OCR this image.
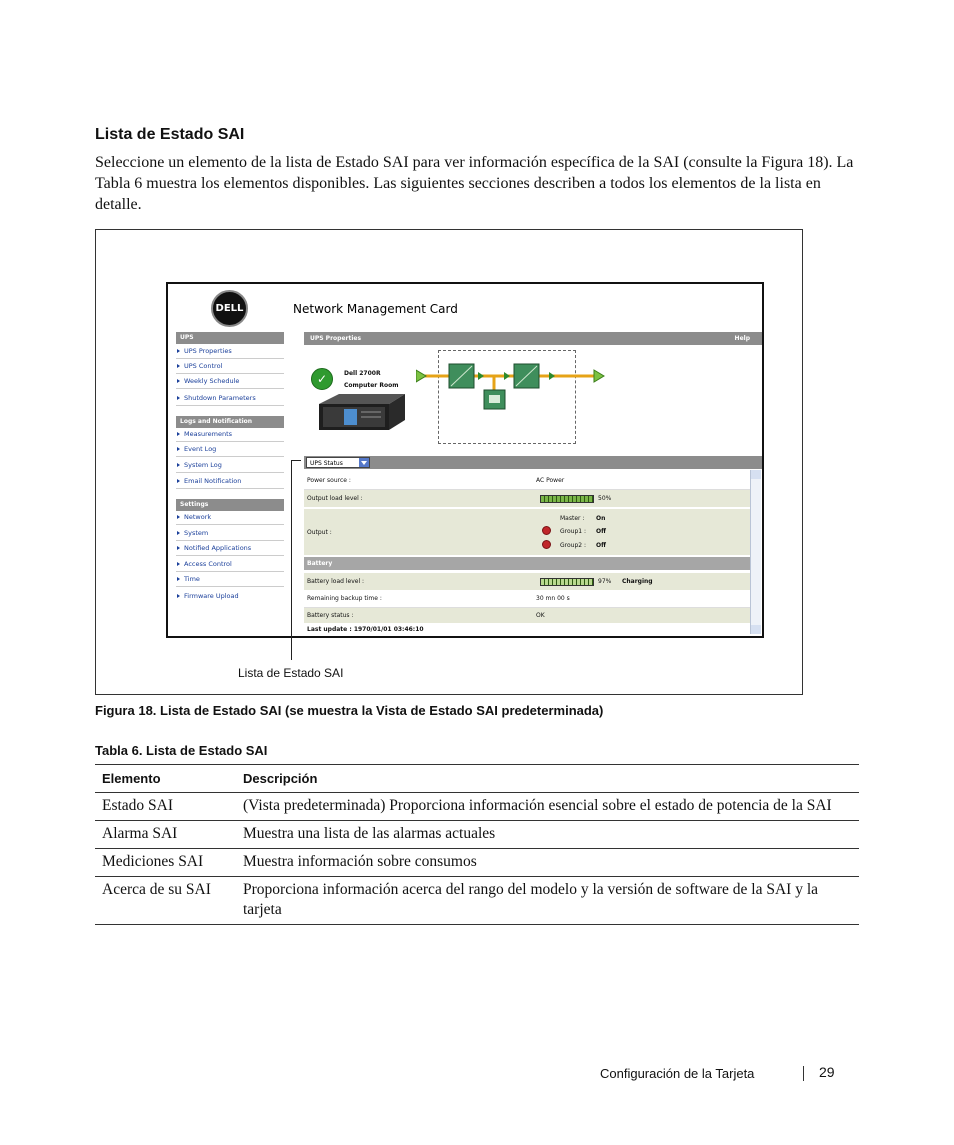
Lista de Estado SAI
Seleccione un elemento de la lista de Estado SAI para ver información específica de la SAI (consulte la Figura 18). La Tabla 6 muestra los elementos disponibles. Las siguientes secciones describen a todos los elementos de la lista en detalle.
DELL	Network Management Card
UPS
UPS Properties
UPS Control
Weekly Schedule
Shutdown Parameters
Logs and Notification
Measurements
Event Log
System Log
Email Notification
Settings
Network
System
Notified Applications
Access Control
Time
Firmware Upload
UPS Properties	Help
✓	Dell 2700R
Computer Room
UPS Status
Power source :	AC Power
Output load level :	50%
Output :
Master : On
Group1 : Off
Group2 : Off
Battery
Battery load level :	97% Charging
Remaining backup time :	30 mn 00 s
Battery status :	OK
Last update : 1970/01/01 03:46:10
Lista de Estado SAI
Figura 18. Lista de Estado SAI (se muestra la Vista de Estado SAI predeterminada)
Tabla 6. Lista de Estado SAI
Elemento	Descripción
Estado SAI	(Vista predeterminada) Proporciona información esencial sobre el estado de potencia de la SAI
Alarma SAI	Muestra una lista de las alarmas actuales
Mediciones SAI	Muestra información sobre consumos
Acerca de su SAI	Proporciona información acerca del rango del modelo y la versión de software de la SAI y la tarjeta
Configuración de la Tarjeta	29
